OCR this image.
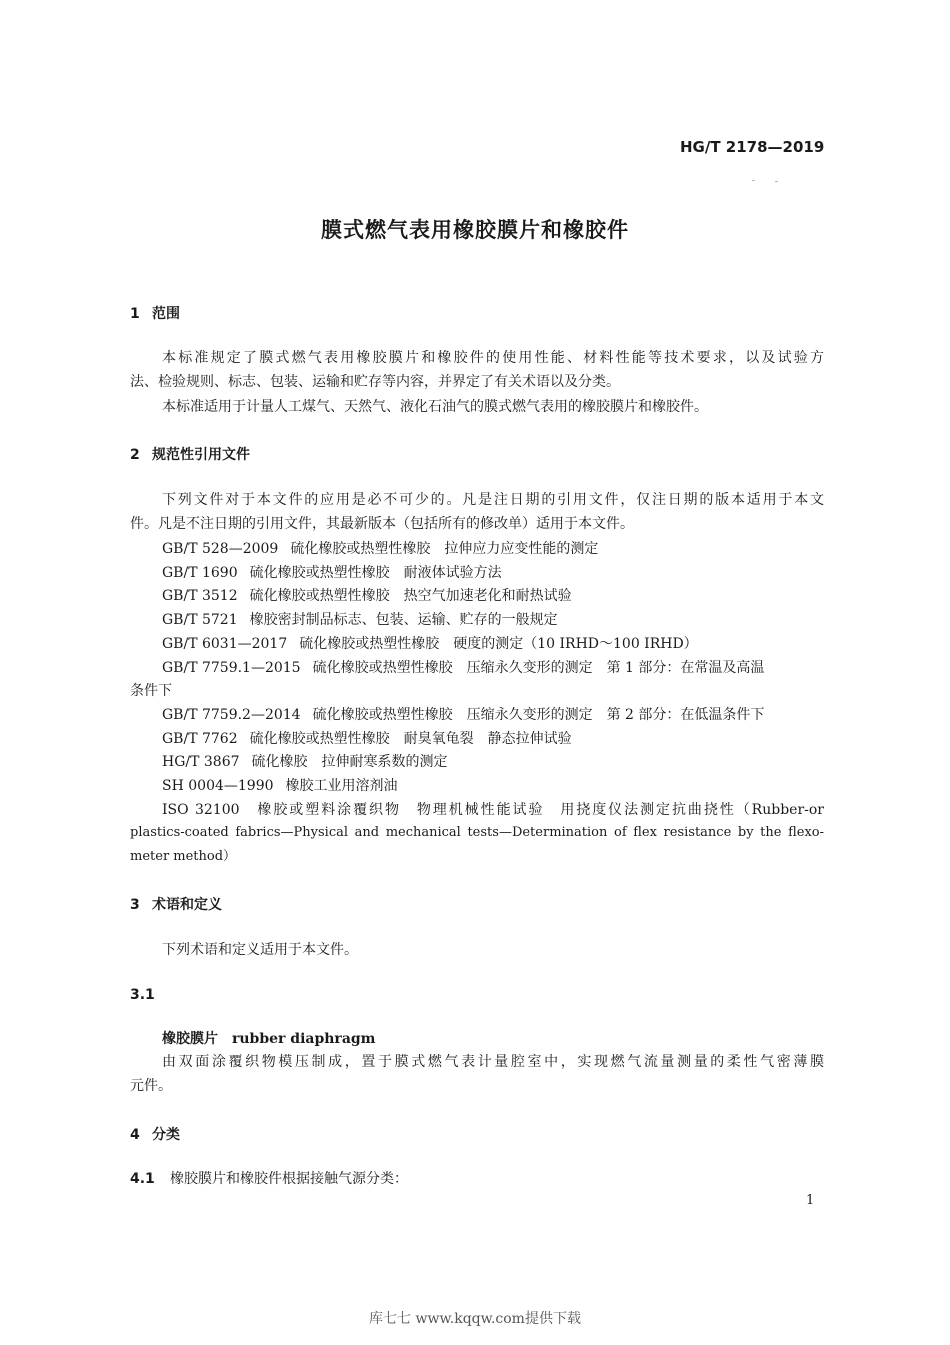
HG/T 2178—2019
膜式燃气表用橡胶膜片和橡胶件
1 范围
本标准规定了膜式燃气表用橡胶膜片和橡胶件的使用性能、材料性能等技术要求，以及试验方
法、检验规则、标志、包装、运输和贮存等内容，并界定了有关术语以及分类。
本标准适用于计量人工煤气、天然气、液化石油气的膜式燃气表用的橡胶膜片和橡胶件。
2 规范性引用文件
下列文件对于本文件的应用是必不可少的。凡是注日期的引用文件，仅注日期的版本适用于本文
件。凡是不注日期的引用文件，其最新版本（包括所有的修改单）适用于本文件。
GB/T 528—2009 硫化橡胶或热塑性橡胶　拉伸应力应变性能的测定
GB/T 1690 硫化橡胶或热塑性橡胶　耐液体试验方法
GB/T 3512 硫化橡胶或热塑性橡胶　热空气加速老化和耐热试验
GB/T 5721 橡胶密封制品标志、包装、运输、贮存的一般规定
GB/T 6031—2017 硫化橡胶或热塑性橡胶　硬度的测定（10 IRHD～100 IRHD）
GB/T 7759.1—2015 硫化橡胶或热塑性橡胶　压缩永久变形的测定　第 1 部分：在常温及高温
条件下
GB/T 7759.2—2014 硫化橡胶或热塑性橡胶　压缩永久变形的测定　第 2 部分：在低温条件下
GB/T 7762 硫化橡胶或热塑性橡胶　耐臭氧龟裂　静态拉伸试验
HG/T 3867 硫化橡胶　拉伸耐寒系数的测定
SH 0004—1990 橡胶工业用溶剂油
ISO 32100　橡胶或塑料涂覆织物　物理机械性能试验　用挠度仪法测定抗曲挠性（Rubber-or
plastics-coated fabrics—Physical and mechanical tests—Determination of flex resistance by the flexo-
meter method）
3 术语和定义
下列术语和定义适用于本文件。
3.1
橡胶膜片 rubber diaphragm
由双面涂覆织物模压制成，置于膜式燃气表计量腔室中，实现燃气流量测量的柔性气密薄膜
元件。
4 分类
4.1 橡胶膜片和橡胶件根据接触气源分类：
1
库七七 www.kqqw.com提供下载
